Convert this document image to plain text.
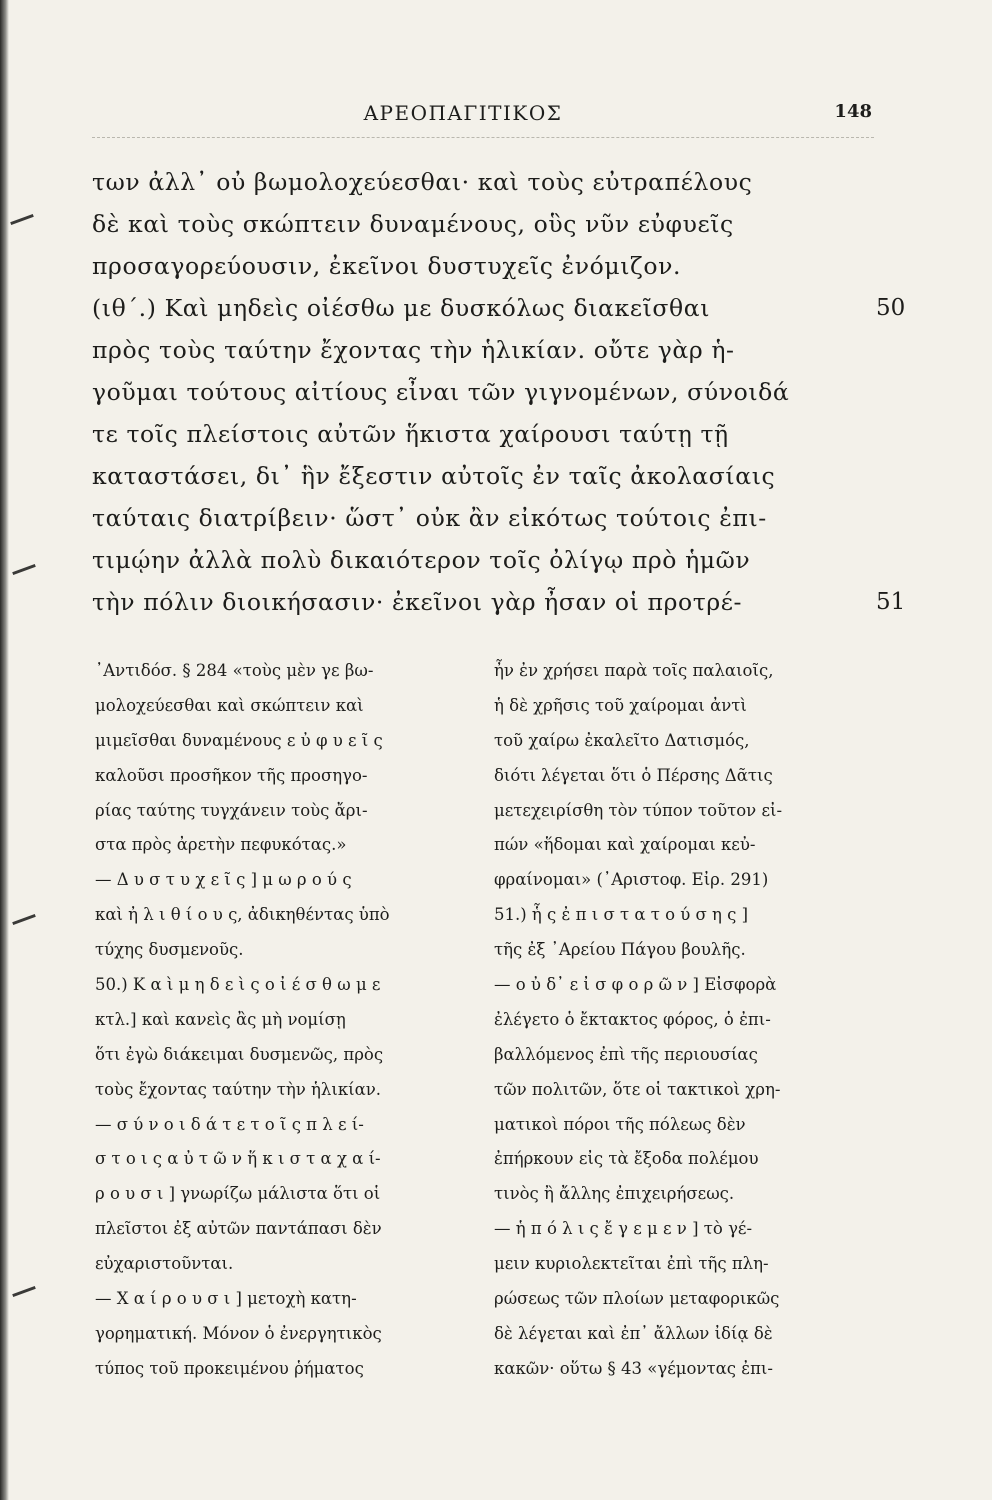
ΑΡΕΟΠΑΓΙΤΙΚΟΣ	148
των ἀλλ᾿ οὐ βωμολοχεύεσθαι· καὶ τοὺς εὐτραπέλους
δὲ καὶ τοὺς σκώπτειν δυναμένους, οὓς νῦν εὐφυεῖς
προσαγορεύουσιν, ἐκεῖνοι δυστυχεῖς ἐνόμιζον.
(ιθ΄.) Καὶ μηδεὶς οἰέσθω με δυσκόλως διακεῖσθαι
πρὸς τοὺς ταύτην ἔχοντας τὴν ἡλικίαν. οὔτε γὰρ ἡ-
γοῦμαι τούτους αἰτίους εἶναι τῶν γιγνομένων, σύνοιδά
τε τοῖς πλείστοις αὐτῶν ἥκιστα χαίρουσι ταύτῃ τῇ
καταστάσει, δι᾿ ἣν ἔξεστιν αὐτοῖς ἐν ταῖς ἀκολασίαις
ταύταις διατρίβειν· ὥστ᾿ οὐκ ἂν εἰκότως τούτοις ἐπι-
τιμῴην ἀλλὰ πολὺ δικαιότερον τοῖς ὀλίγῳ πρὸ ἡμῶν
τὴν πόλιν διοικήσασιν· ἐκεῖνοι γὰρ ἦσαν οἱ προτρέ-
50
51
᾿Αντιδόσ. § 284 «τοὺς μὲν γε βω-
μολοχεύεσθαι καὶ σκώπτειν καὶ
μιμεῖσθαι δυναμένους ε ὐ φ υ ε ῖ ς
καλοῦσι προσῆκον τῆς προσηγο-
ρίας ταύτης τυγχάνειν τοὺς ἄρι-
στα πρὸς ἀρετὴν πεφυκότας.»
— Δ υ σ τ υ χ ε ῖ ς ] μ ω ρ ο ύ ς
καὶ ἠ λ ι θ ί ο υ ς, ἀδικηθέντας ὑπὸ
τύχης δυσμενοῦς.
50.) Κ α ὶ μ η δ ε ὶ ς ο ἰ έ σ θ ω μ ε
κτλ.] καὶ κανεὶς ἂς μὴ νομίσῃ
ὅτι ἐγὼ διάκειμαι δυσμενῶς, πρὸς
τοὺς ἔχοντας ταύτην τὴν ἡλικίαν.
— σ ύ ν ο ι δ ά τ ε τ ο ῖ ς π λ ε ί-
σ τ ο ι ς α ὐ τ ῶ ν ἥ κ ι σ τ α χ α ί-
ρ ο υ σ ι ] γνωρίζω μάλιστα ὅτι οἱ
πλεῖστοι ἐξ αὐτῶν παντάπασι δὲν
εὐχαριστοῦνται.
— Χ α ί ρ ο υ σ ι ] μετοχὴ κατη-
γορηματική. Μόνον ὁ ἐνεργητικὸς
τύπος τοῦ προκειμένου ῥήματος
ἦν ἐν χρήσει παρὰ τοῖς παλαιοῖς,
ἡ δὲ χρῆσις τοῦ χαίρομαι ἀντὶ
τοῦ χαίρω ἐκαλεῖτο Δατισμός,
διότι λέγεται ὅτι ὁ Πέρσης Δᾶτις
μετεχειρίσθη τὸν τύπον τοῦτον εἰ-
πών «ἥδομαι καὶ χαίρομαι κεὐ-
φραίνομαι» (᾿Αριστοφ. Εἰρ. 291)
51.) ἧ ς ἐ π ι σ τ α τ ο ύ σ η ς ]
τῆς ἐξ ᾿Αρείου Πάγου βουλῆς.
— ο ὐ δ᾿ ε ἰ σ φ ο ρ ῶ ν ] Εἰσφορὰ
ἐλέγετο ὁ ἔκτακτος φόρος, ὁ ἐπι-
βαλλόμενος ἐπὶ τῆς περιουσίας
τῶν πολιτῶν, ὅτε οἱ τακτικοὶ χρη-
ματικοὶ πόροι τῆς πόλεως δὲν
ἐπήρκουν εἰς τὰ ἔξοδα πολέμου
τινὸς ἢ ἄλλης ἐπιχειρήσεως.
— ἡ π ό λ ι ς ἔ γ ε μ ε ν ] τὸ γέ-
μειν κυριολεκτεῖται ἐπὶ τῆς πλη-
ρώσεως τῶν πλοίων μεταφορικῶς
δὲ λέγεται καὶ ἐπ᾿ ἄλλων ἰδίᾳ δὲ
κακῶν· οὕτω § 43 «γέμοντας ἐπι-
